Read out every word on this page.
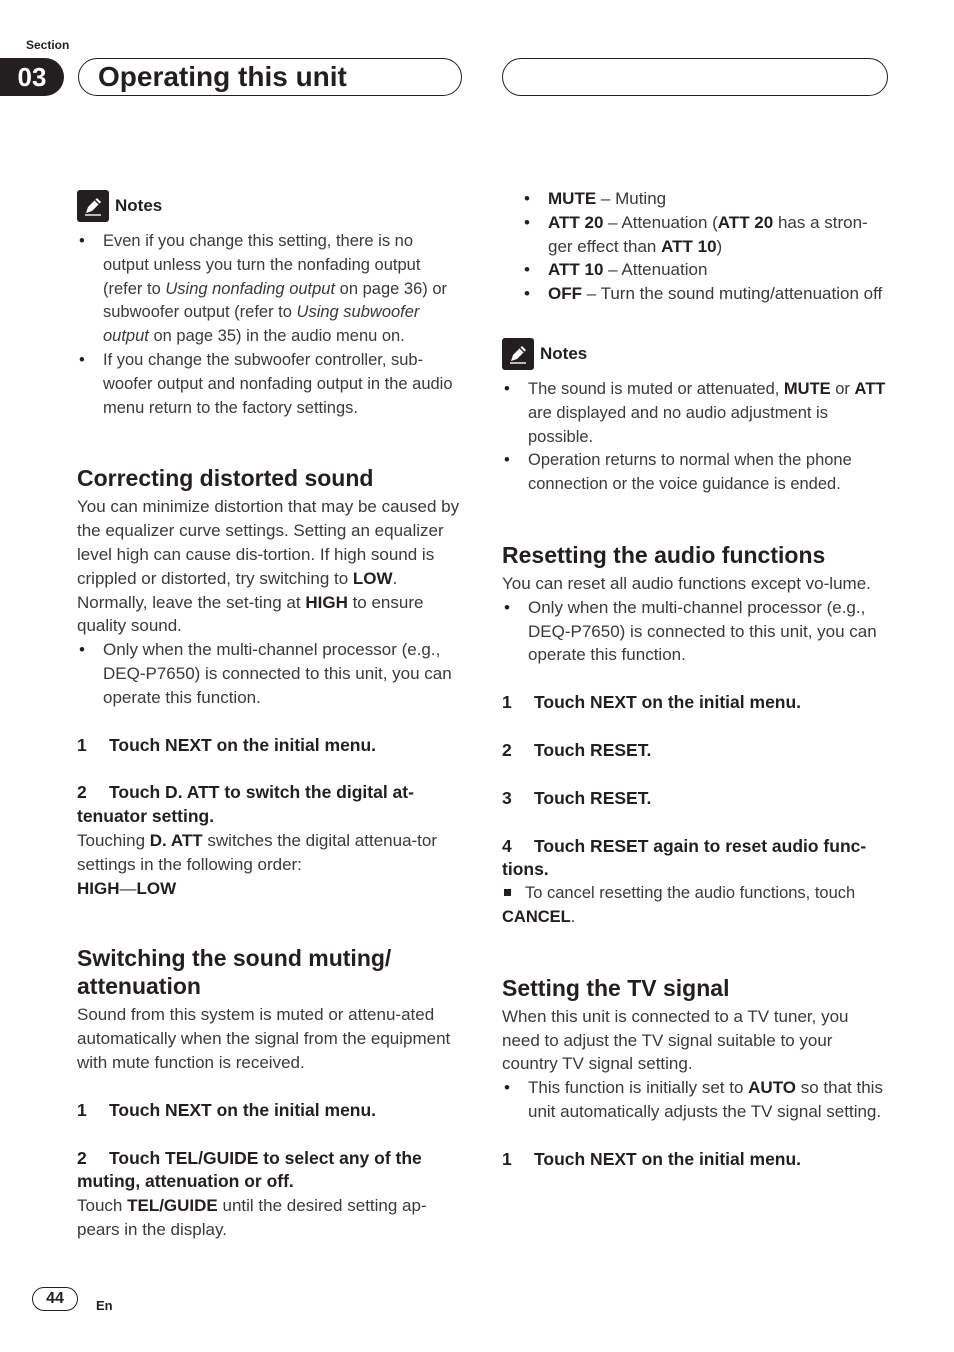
Section
03	Operating this unit
Notes
• Even if you change this setting, there is no output unless you turn the nonfading output (refer to Using nonfading output on page 36) or subwoofer output (refer to Using subwoofer output on page 35) in the audio menu on.
• If you change the subwoofer controller, sub-woofer output and nonfading output in the audio menu return to the factory settings.
Correcting distorted sound

You can minimize distortion that may be caused by the equalizer curve settings. Setting an equalizer level high can cause dis-tortion. If high sound is crippled or distorted, try switching to LOW. Normally, leave the set-ting at HIGH to ensure quality sound.

• Only when the multi-channel processor (e.g., DEQ-P7650) is connected to this unit, you can operate this function.

1 Touch NEXT on the initial menu.

2 Touch D. ATT to switch the digital at-tenuator setting.

Touching D. ATT switches the digital attenua-tor settings in the following order:

HIGH—LOW

Switching the sound muting/ attenuation

Sound from this system is muted or attenu-ated automatically when the signal from the equipment with mute function is received.

1 Touch NEXT on the initial menu.

2 Touch TEL/GUIDE to select any of the muting, attenuation or off.

Touch TEL/GUIDE until the desired setting ap-pears in the display.

• MUTE – Muting
• ATT 20 – Attenuation (ATT 20 has a stron-ger effect than ATT 10)
• ATT 10 – Attenuation
• OFF – Turn the sound muting/attenuation off
Notes
• The sound is muted or attenuated, MUTE or ATT are displayed and no audio adjustment is possible.
• Operation returns to normal when the phone connection or the voice guidance is ended.
Resetting the audio functions

You can reset all audio functions except vo-lume.

• Only when the multi-channel processor (e.g., DEQ-P7650) is connected to this unit, you can operate this function.

1 Touch NEXT on the initial menu.

2 Touch RESET.

3 Touch RESET.

4 Touch RESET again to reset audio func-tions.

To cancel resetting the audio functions, touch CANCEL.

Setting the TV signal

When this unit is connected to a TV tuner, you need to adjust the TV signal suitable to your country TV signal setting.

• This function is initially set to AUTO so that this unit automatically adjusts the TV signal setting.

1 Touch NEXT on the initial menu.

44	En
